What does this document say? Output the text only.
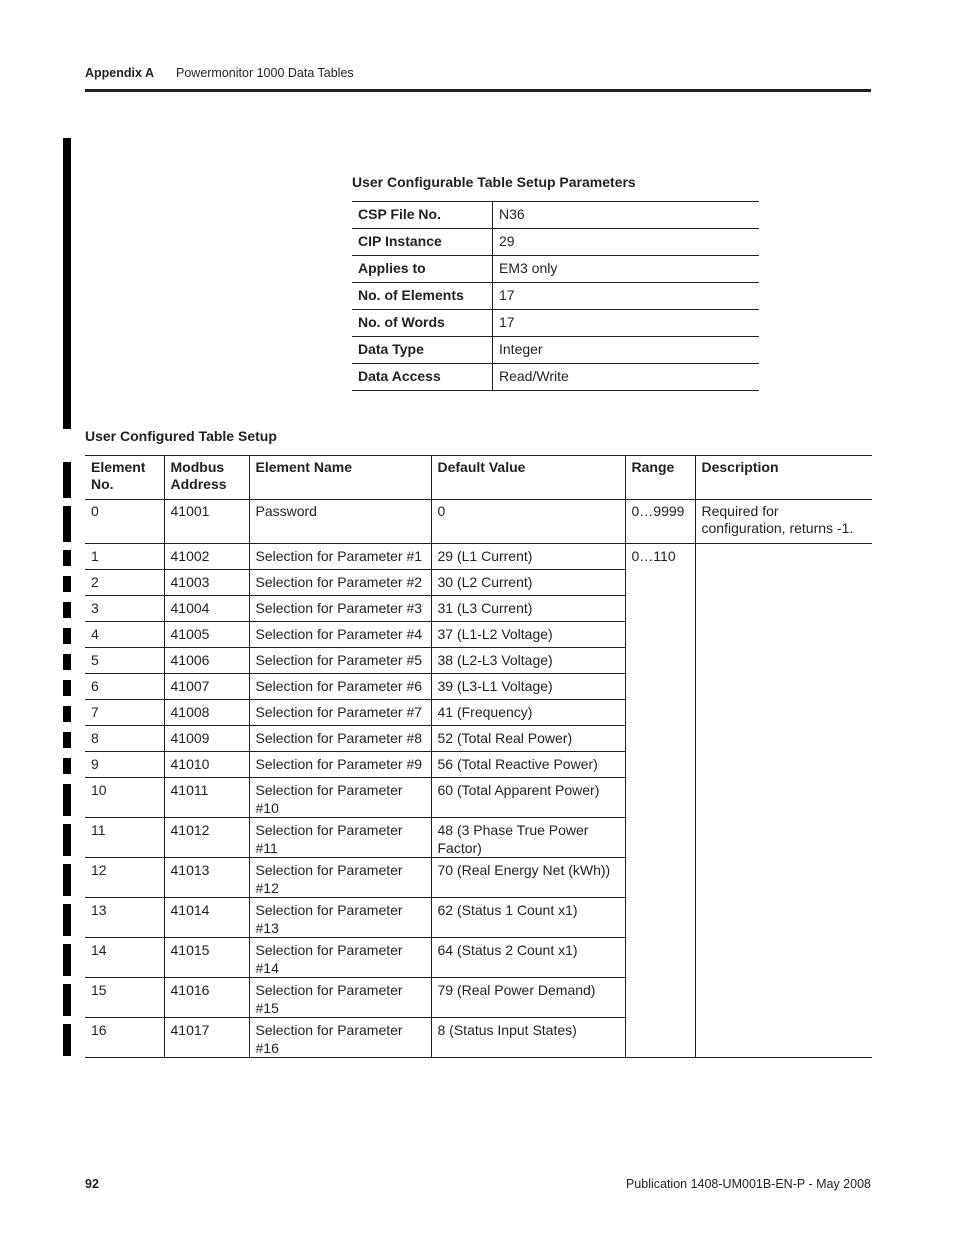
Appendix A Powermonitor 1000 Data Tables
User Configurable Table Setup Parameters
CSP File No.	N36
CIP Instance	29
Applies to	EM3 only
No. of Elements	17
No. of Words	17
Data Type	Integer
Data Access	Read/Write
User Configured Table Setup
Element No.	Modbus Address	Element Name	Default Value	Range	Description
0	41001	Password	0	0…9999	Required for configuration, returns -1.
1	41002	Selection for Parameter #1	29 (L1 Current)	0…110	
2	41003	Selection for Parameter #2	30 (L2 Current)		
3	41004	Selection for Parameter #3	31 (L3 Current)		
4	41005	Selection for Parameter #4	37 (L1-L2 Voltage)		
5	41006	Selection for Parameter #5	38 (L2-L3 Voltage)		
6	41007	Selection for Parameter #6	39 (L3-L1 Voltage)		
7	41008	Selection for Parameter #7	41 (Frequency)		
8	41009	Selection for Parameter #8	52 (Total Real Power)		
9	41010	Selection for Parameter #9	56 (Total Reactive Power)		
10	41011	Selection for Parameter #10	60 (Total Apparent Power)		
11	41012	Selection for Parameter #11	48 (3 Phase True Power Factor)		
12	41013	Selection for Parameter #12	70 (Real Energy Net (kWh))		
13	41014	Selection for Parameter #13	62 (Status 1 Count x1)		
14	41015	Selection for Parameter #14	64 (Status 2 Count x1)		
15	41016	Selection for Parameter #15	79 (Real Power Demand)		
16	41017	Selection for Parameter #16	8 (Status Input States)		
92	Publication 1408-UM001B-EN-P - May 2008
